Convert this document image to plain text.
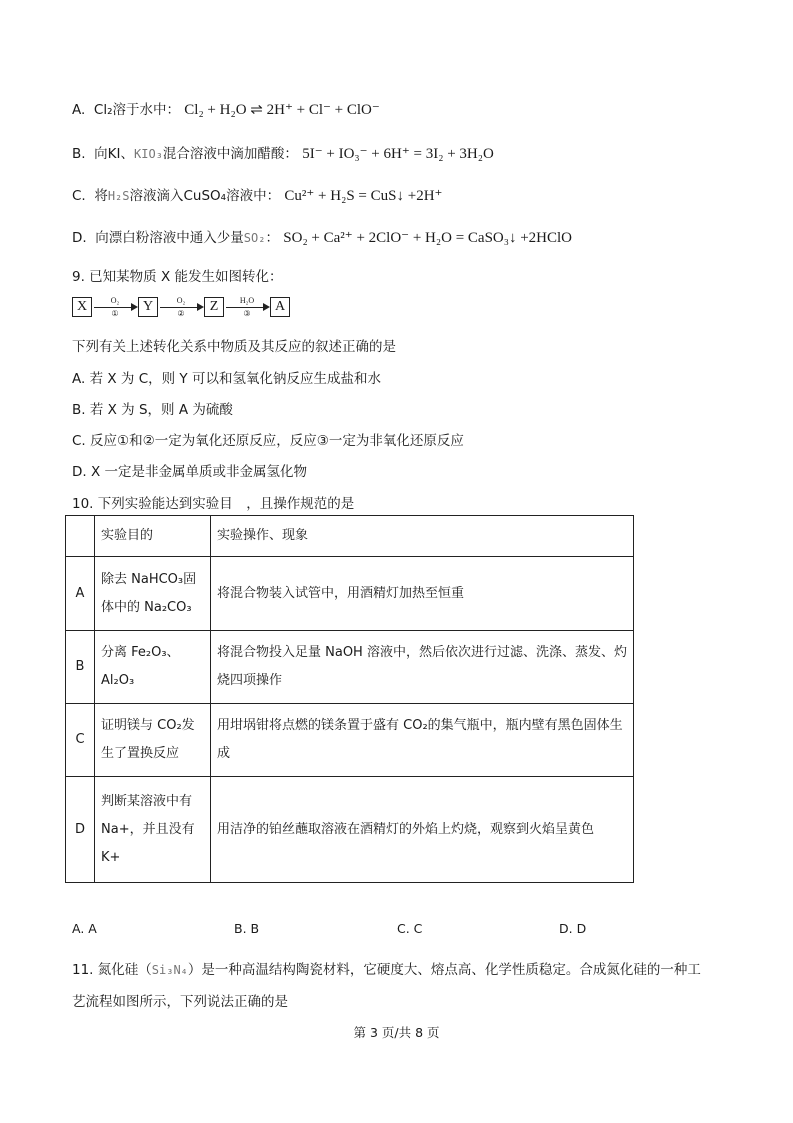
A. Cl₂溶于水中： Cl₂ + H₂O ⇌ 2H⁺ + Cl⁻ + ClO⁻
B. 向KI、KIO₃混合溶液中滴加醋酸： 5I⁻ + IO₃⁻ + 6H⁺ = 3I₂ + 3H₂O
C. 将H₂S溶液滴入CuSO₄溶液中： Cu²⁺ + H₂S = CuS↓ +2H⁺
D. 向漂白粉溶液中通入少量SO₂： SO₂ + Ca²⁺ + 2ClO⁻ + H₂O = CaSO₃↓ +2HClO
9. 已知某物质 X 能发生如图转化：
X	O₂
①	Y	O₂
②	Z	H₂O
③	A
下列有关上述转化关系中物质及其反应的叙述正确的是
A. 若 X 为 C，则 Y 可以和氢氧化钠反应生成盐和水
B. 若 X 为 S，则 A 为硫酸
C. 反应①和②一定为氧化还原反应，反应③一定为非氧化还原反应
D. X 一定是非金属单质或非金属氢化物
10. 下列实验能达到实验目　，且操作规范的是
	实验目的	实验操作、现象
A	除去 NaHCO₃固体中的 Na₂CO₃	将混合物装入试管中，用酒精灯加热至恒重
B	分离 Fe₂O₃、Al₂O₃	将混合物投入足量 NaOH 溶液中，然后依次进行过滤、洗涤、蒸发、灼烧四项操作
C	证明镁与 CO₂发生了置换反应	用坩埚钳将点燃的镁条置于盛有 CO₂的集气瓶中，瓶内壁有黑色固体生成
D	判断某溶液中有 Na+，并且没有 K+	用洁净的铂丝蘸取溶液在酒精灯的外焰上灼烧，观察到火焰呈黄色
A. A	B. B	C. C	D. D
11. 氮化硅（Si₃N₄）是一种高温结构陶瓷材料，它硬度大、熔点高、化学性质稳定。合成氮化硅的一种工
艺流程如图所示，下列说法正确的是
第 3 页/共 8 页
